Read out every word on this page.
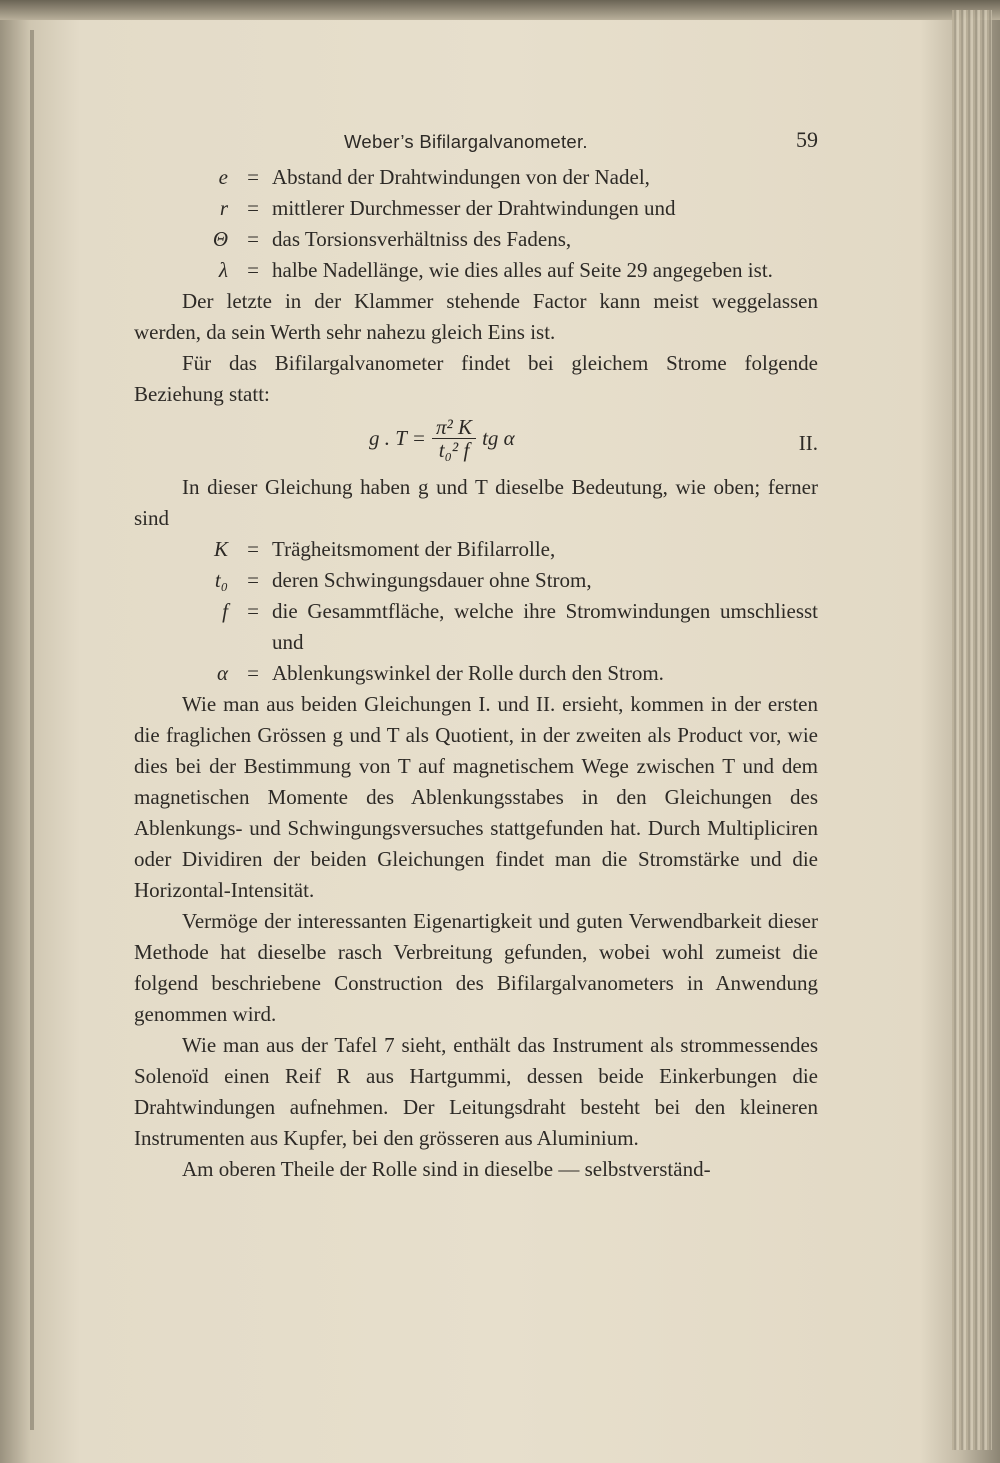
Weber’s Bifilargalvanometer.	59
e = Abstand der Drahtwindungen von der Nadel,
r = mittlerer Durchmesser der Drahtwindungen und
Θ = das Torsionsverhältniss des Fadens,
λ = halbe Nadellänge, wie dies alles auf Seite 29 angegeben ist.

Der letzte in der Klammer stehende Factor kann meist weggelassen werden, da sein Werth sehr nahezu gleich Eins ist.

Für das Bifilargalvanometer findet bei gleichem Strome folgende Beziehung statt:

g . $T = \frac{\text{π² K}}{\text{t₀² f}}$ tg α	II.

In dieser Gleichung haben g und T dieselbe Bedeutung, wie oben; ferner sind

K = Trägheitsmoment der Bifilarrolle,
t₀ = deren Schwingungsdauer ohne Strom,
f = die Gesammtfläche, welche ihre Stromwindungen umschliesst und
α = Ablenkungswinkel der Rolle durch den Strom.

Wie man aus beiden Gleichungen I. und II. ersieht, kommen in der ersten die fraglichen Grössen g und T als Quotient, in der zweiten als Product vor, wie dies bei der Bestimmung von T auf magnetischem Wege zwischen T und dem magnetischen Momente des Ablenkungsstabes in den Gleichungen des Ablenkungs- und Schwingungsversuches stattgefunden hat. Durch Multipliciren oder Dividiren der beiden Gleichungen findet man die Stromstärke und die Horizontal-Intensität.

Vermöge der interessanten Eigenartigkeit und guten Verwendbarkeit dieser Methode hat dieselbe rasch Verbreitung gefunden, wobei wohl zumeist die folgend beschriebene Construction des Bifilargalvanometers in Anwendung genommen wird.

Wie man aus der Tafel 7 sieht, enthält das Instrument als strommessendes Solenoïd einen Reif R aus Hartgummi, dessen beide Einkerbungen die Drahtwindungen aufnehmen. Der Leitungsdraht besteht bei den kleineren Instrumenten aus Kupfer, bei den grösseren aus Aluminium.

Am oberen Theile der Rolle sind in dieselbe — selbstverständ-
